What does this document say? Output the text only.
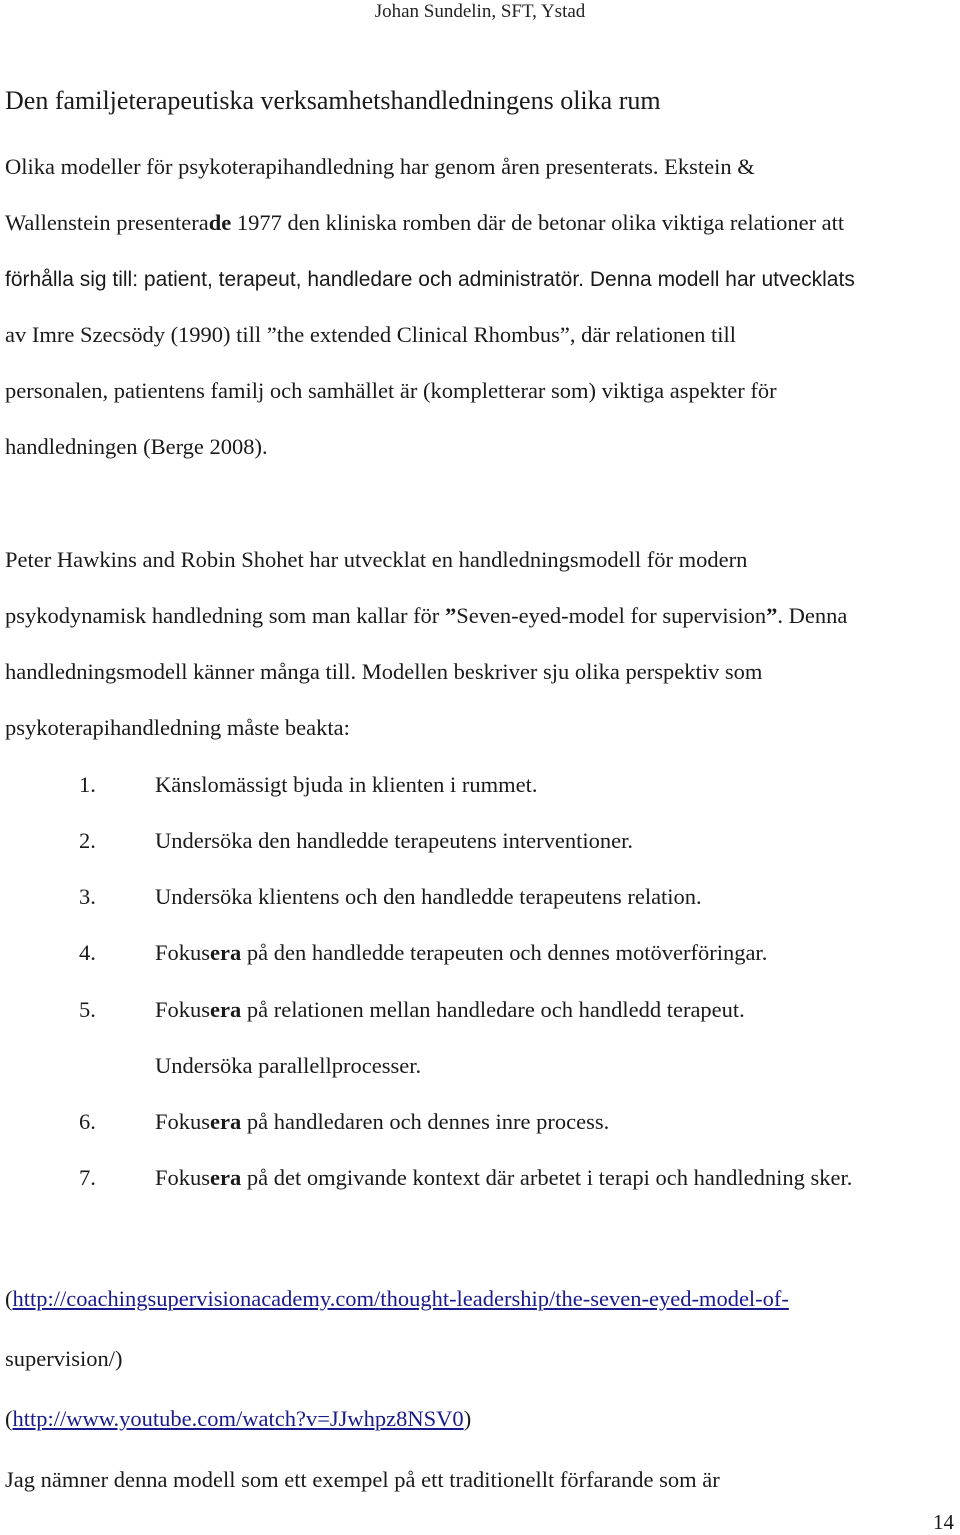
Johan Sundelin, SFT, Ystad
Den familjeterapeutiska verksamhetshandledningens olika rum
Olika modeller för psykoterapihandledning har genom åren presenterats. Ekstein &
Wallenstein presenterade 1977 den kliniska romben där de betonar olika viktiga relationer att
förhålla sig till: patient, terapeut, handledare och administratör. Denna modell har utvecklats
av Imre Szecsödy (1990) till ”the extended Clinical Rhombus”, där relationen till
personalen, patientens familj och samhället är (kompletterar som) viktiga aspekter för
handledningen (Berge 2008).
Peter Hawkins and Robin Shohet har utvecklat en handledningsmodell för modern
psykodynamisk handledning som man kallar för ”Seven-eyed-model for supervision”. Denna
handledningsmodell känner många till. Modellen beskriver sju olika perspektiv som
psykoterapihandledning måste beakta:
1.	Känslomässigt bjuda in klienten i rummet.
2.	Undersöka den handledde terapeutens interventioner.
3.	Undersöka klientens och den handledde terapeutens relation.
4.	Fokusera på den handledde terapeuten och dennes motöverföringar.
5.	Fokusera på relationen mellan handledare och handledd terapeut.
Undersöka parallellprocesser.
6.	Fokusera på handledaren och dennes inre process.
7.	Fokusera på det omgivande kontext där arbetet i terapi och handledning sker.
(http://coachingsupervisionacademy.com/thought-leadership/the-seven-eyed-model-of-
supervision/)
(http://www.youtube.com/watch?v=JJwhpz8NSV0)
Jag nämner denna modell som ett exempel på ett traditionellt förfarande som är
14
